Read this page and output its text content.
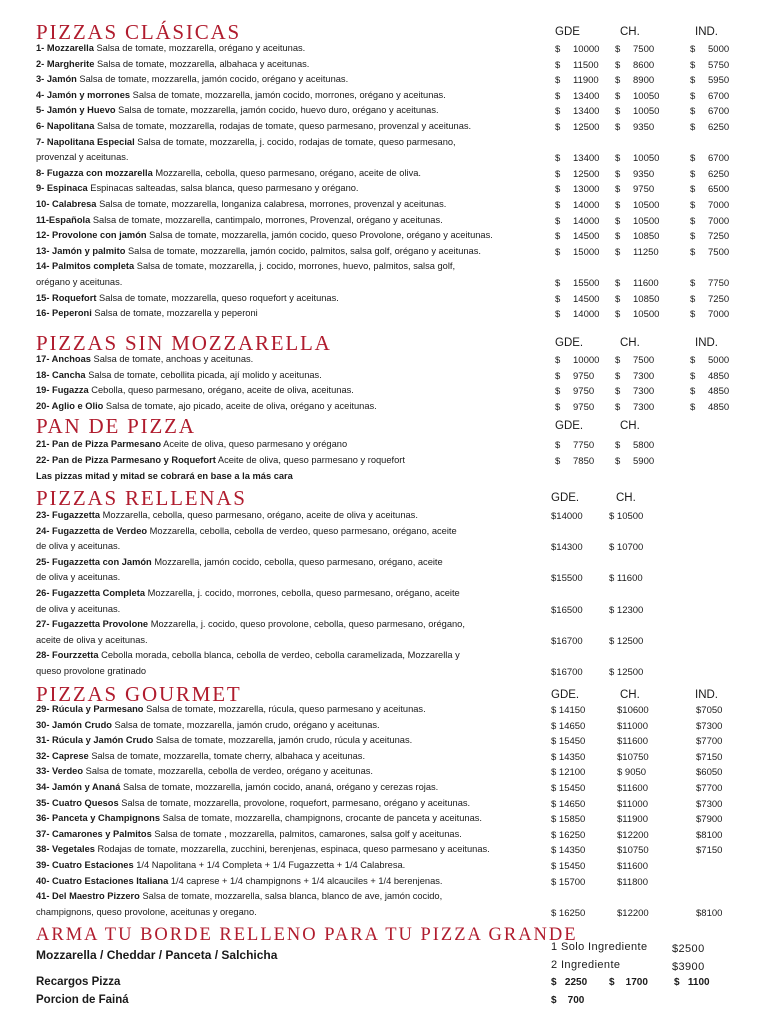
PIZZAS CLÁSICAS	GDE	CH.	IND.
1- Mozzarella Salsa de tomate, mozzarella, orégano y aceitunas.	$ 10000 $ 7500	$ 5000
2- Margherite Salsa de tomate, mozzarella, albahaca y aceitunas.	$ 11500 $ 8600	$ 5750
3- Jamón Salsa de tomate, mozzarella, jamón cocido, orégano y aceitunas.	$ 11900 $ 8900	$ 5950
4- Jamón y morrones Salsa de tomate, mozzarella, jamón cocido, morrones, orégano y aceitunas.	$ 13400 $ 10050	$ 6700
5- Jamón y Huevo Salsa de tomate, mozzarella, jamón cocido, huevo duro, orégano y aceitunas.	$ 13400 $ 10050	$ 6700
6- Napolitana Salsa de tomate, mozzarella, rodajas de tomate, queso parmesano, provenzal y aceitunas.	$ 12500 $ 9350	$ 6250
7- Napolitana Especial Salsa de tomate, mozzarella, j. cocido, rodajas de tomate, queso parmesano,
provenzal y aceitunas.	$ 13400 $ 10050	$ 6700
8- Fugazza con mozzarella Mozzarella, cebolla, queso parmesano, orégano, aceite de oliva.	$ 12500 $ 9350	$ 6250
9- Espinaca Espinacas salteadas, salsa blanca, queso parmesano y orégano.	$ 13000 $ 9750	$ 6500
10- Calabresa Salsa de tomate, mozzarella, longaniza calabresa, morrones, provenzal y aceitunas.	$ 14000 $ 10500	$ 7000
11-Española Salsa de tomate, mozzarella, cantimpalo, morrones, Provenzal, orégano y aceitunas.	$ 14000 $ 10500	$ 7000
12- Provolone con jamón Salsa de tomate, mozzarella, jamón cocido, queso Provolone, orégano y aceitunas.	$ 14500 $ 10850	$ 7250
13- Jamón y palmito Salsa de tomate, mozzarella, jamón cocido, palmitos, salsa golf, orégano y aceitunas.	$ 15000 $ 11250	$ 7500
14- Palmitos completa Salsa de tomate, mozzarella, j. cocido, morrones, huevo, palmitos, salsa golf,
orégano y aceitunas.	$ 15500 $ 11600	$ 7750
15- Roquefort Salsa de tomate, mozzarella, queso roquefort y aceitunas.	$ 14500 $ 10850	$ 7250
16- Peperoni Salsa de tomate, mozzarella y peperoni	$ 14000 $ 10500	$ 7000
PIZZAS SIN MOZZARELLA	GDE.	CH.	IND.
17- Anchoas Salsa de tomate, anchoas y aceitunas.	$ 10000 $ 7500	$ 5000
18- Cancha Salsa de tomate, cebollita picada, ají molido y aceitunas.	$ 9750 $ 7300	$ 4850
19- Fugazza Cebolla, queso parmesano, orégano, aceite de oliva, aceitunas.	$ 9750 $ 7300	$ 4850
20- Aglio e Olio Salsa de tomate, ajo picado, aceite de oliva, orégano y aceitunas.	$ 9750 $ 7300	$ 4850
PAN DE PIZZA	GDE.	CH.
21- Pan de Pizza Parmesano Aceite de oliva, queso parmesano y orégano	$ 7750 $ 5800
22- Pan de Pizza Parmesano y Roquefort Aceite de oliva, queso parmesano y roquefort	$ 7850 $ 5900
Las pizzas mitad y mitad se cobrará en base a la más cara
PIZZAS RELLENAS	GDE.	CH.
23- Fugazzetta Mozzarella, cebolla, queso parmesano, orégano, aceite de oliva y aceitunas.	$14000	$ 10500
24- Fugazzetta de Verdeo Mozzarella, cebolla, cebolla de verdeo, queso parmesano, orégano, aceite
de oliva y aceitunas.	$14300	$ 10700
25- Fugazzetta con Jamón Mozzarella, jamón cocido, cebolla, queso parmesano, orégano, aceite
de oliva y aceitunas.	$15500	$ 11600
26- Fugazzetta Completa Mozzarella, j. cocido, morrones, cebolla, queso parmesano, orégano, aceite
de oliva y aceitunas.	$16500	$ 12300
27- Fugazzetta Provolone Mozzarella, j. cocido, queso provolone, cebolla, queso parmesano, orégano,
aceite de oliva y aceitunas.	$16700	$ 12500
28- Fourzzetta Cebolla morada, cebolla blanca, cebolla de verdeo, cebolla caramelizada, Mozzarella y
queso provolone gratinado	$16700	$ 12500
PIZZAS GOURMET	GDE.	CH.	IND.
29- Rúcula y Parmesano Salsa de tomate, mozzarella, rúcula, queso parmesano y aceitunas.	$ 14150	$10600	$7050
30- Jamón Crudo Salsa de tomate, mozzarella, jamón crudo, orégano y aceitunas.	$ 14650	$11000	$7300
31- Rúcula y Jamón Crudo Salsa de tomate, mozzarella, jamón crudo, rúcula y aceitunas.	$ 15450	$11600	$7700
32- Caprese Salsa de tomate, mozzarella, tomate cherry, albahaca y aceitunas.	$ 14350	$10750	$7150
33- Verdeo Salsa de tomate, mozzarella, cebolla de verdeo, orégano y aceitunas.	$ 12100	$ 9050	$6050
34- Jamón y Ananá Salsa de tomate, mozzarella, jamón cocido, ananá, orégano y cerezas rojas.	$ 15450	$11600	$7700
35- Cuatro Quesos Salsa de tomate, mozzarella, provolone, roquefort, parmesano, orégano y aceitunas.	$ 14650	$11000	$7300
36- Panceta y Champignons Salsa de tomate, mozzarella, champignons, crocante de panceta y aceitunas.	$ 15850	$11900	$7900
37- Camarones y Palmitos Salsa de tomate , mozzarella, palmitos, camarones, salsa golf y aceitunas.	$ 16250	$12200	$8100
38- Vegetales Rodajas de tomate, mozzarella, zucchini, berenjenas, espinaca, queso parmesano y aceitunas.	$ 14350	$10750	$7150
39- Cuatro Estaciones 1/4 Napolitana + 1/4 Completa + 1/4 Fugazzetta + 1/4 Calabresa.	$ 15450	$11600
40- Cuatro Estaciones Italiana 1/4 caprese + 1/4 champignons + 1/4 alcauciles + 1/4 berenjenas.	$ 15700	$11800
41- Del Maestro Pizzero Salsa de tomate, mozzarella, salsa blanca, blanco de ave, jamón cocido,
champignons, queso provolone, aceitunas y oregano.	$ 16250	$12200	$8100
ARMA TU BORDE RELLENO PARA TU PIZZA GRANDE
Mozzarella / Cheddar / Panceta / Salchicha
1 Solo Ingrediente $2500
2 Ingrediente	$3900
Recargos Pizza	$   2250 $    1700	$   1100
Porcion de Fainá	$    700
